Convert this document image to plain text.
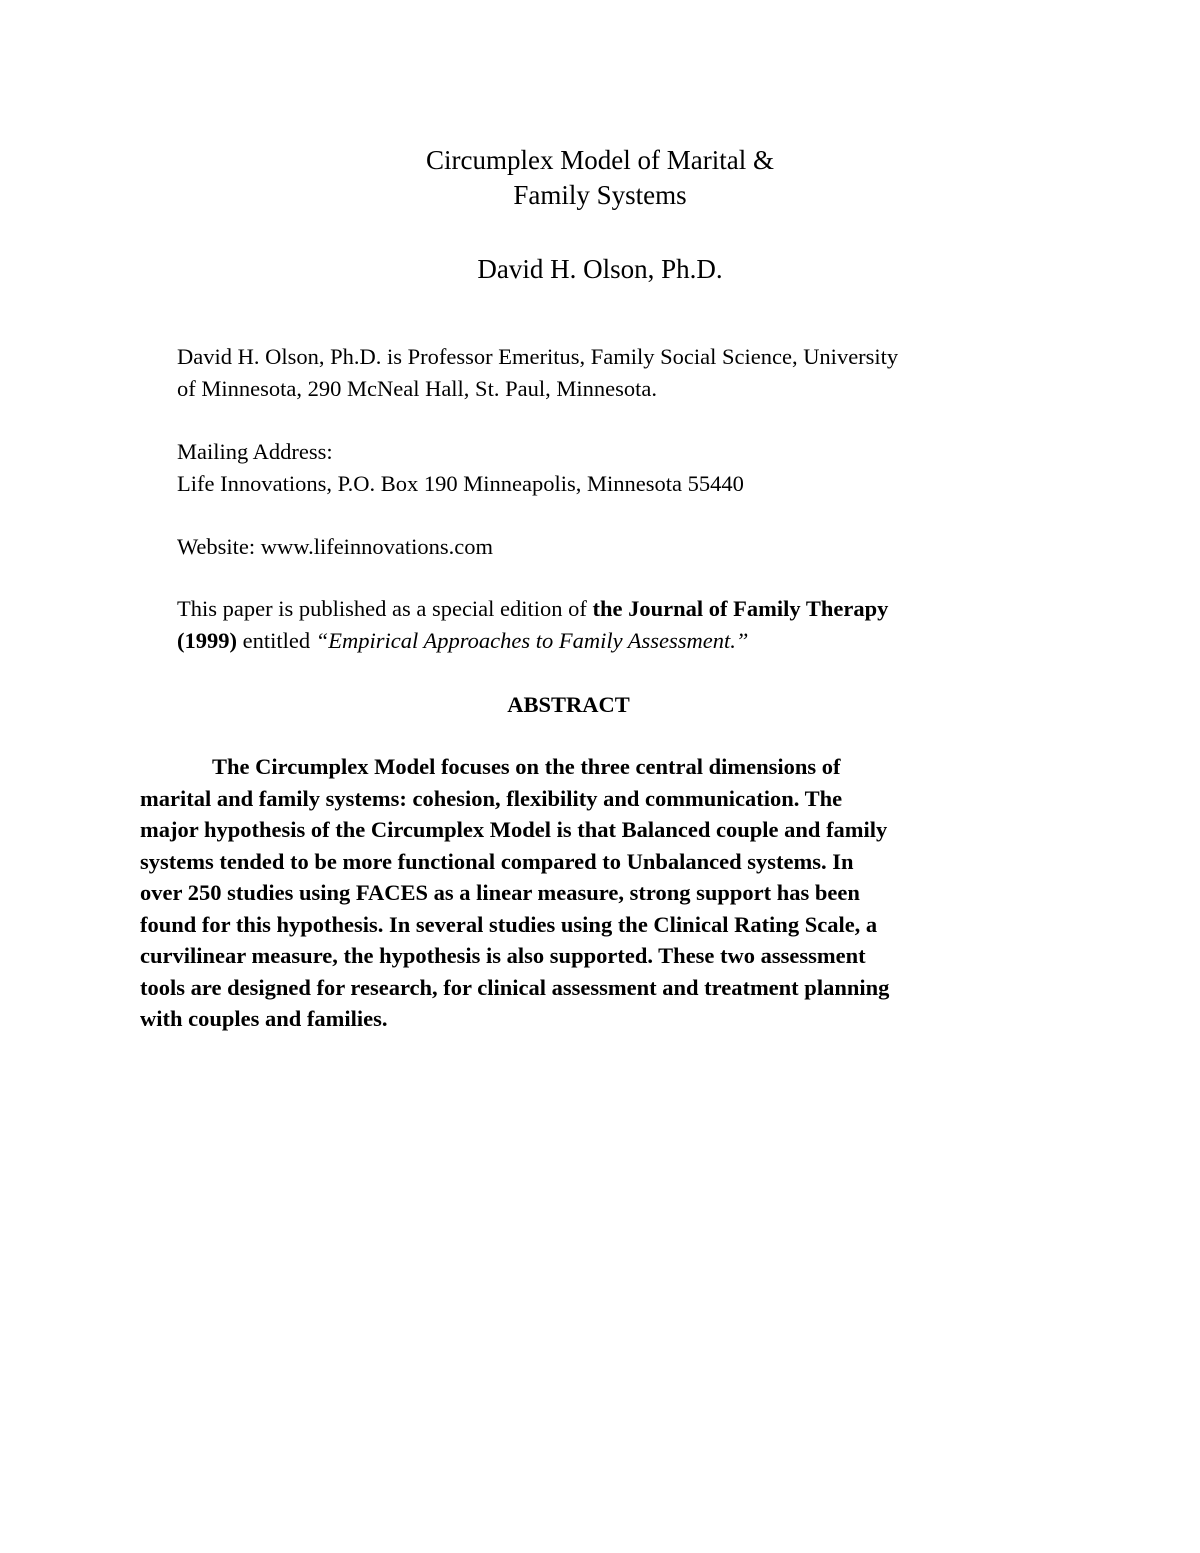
Circumplex Model of Marital &
Family Systems
David H. Olson, Ph.D.
David H. Olson, Ph.D. is Professor Emeritus, Family Social Science, University
of Minnesota, 290 McNeal Hall, St. Paul, Minnesota.
Mailing Address:
Life Innovations, P.O. Box 190 Minneapolis, Minnesota 55440
Website: www.lifeinnovations.com
This paper is published as a special edition of the Journal of Family Therapy
(1999) entitled “Empirical Approaches to Family Assessment.”
ABSTRACT
The Circumplex Model focuses on the three central dimensions of
marital and family systems: cohesion, flexibility and communication. The
major hypothesis of the Circumplex Model is that Balanced couple and family
systems tended to be more functional compared to Unbalanced systems. In
over 250 studies using FACES as a linear measure, strong support has been
found for this hypothesis. In several studies using the Clinical Rating Scale, a
curvilinear measure, the hypothesis is also supported. These two assessment
tools are designed for research, for clinical assessment and treatment planning
with couples and families.
